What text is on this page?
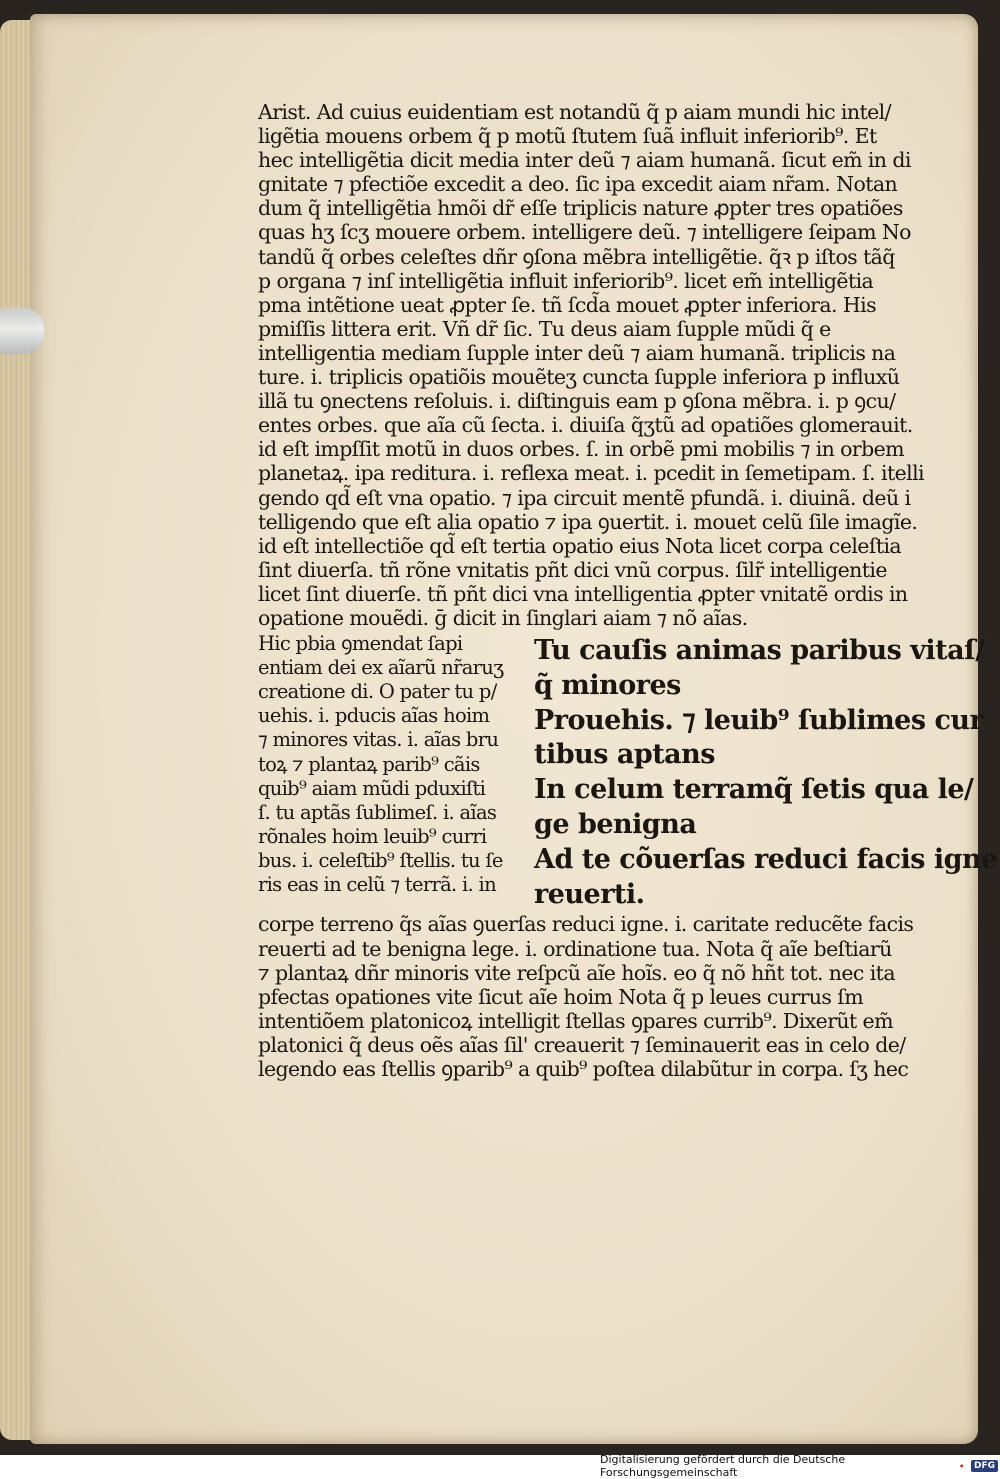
Arist. Ad cuius euidentiam est notandũ q̃ p aiam mundi hic intel/
ligẽtia mouens orbem q̃ p motũ ſtutem ſuã influit inferiorib⁹. Et
hec intelligẽtia dicit media inter deũ ⁊ aiam humanã. ſicut em̃ in di
gnitate ⁊ pfectiõe excedit a deo. ſic ipa excedit aiam nr̃am. Notan
dum q̃ intelligẽtia hmõi dr̃ eſſe triplicis nature ꝓpter tres opatiões
quas hʒ ſcʒ mouere orbem. intelligere deũ. ⁊ intelligere ſeipam No
tandũ q̃ orbes celeſtes dñr ꝯſona mẽbra intelligẽtie. q̃ꝛ p iſtos tãq̃
p organa ⁊ inſ intelligẽtia influit inferiorib⁹. licet em̃ intelligẽtia
pma intẽtione ueat ꝓpter ſe. tñ ſcd̃a mouet ꝓpter inferiora. His
pmiſſis littera erit. Vñ dr̃ ſic. Tu deus aiam ſupple mũdi q̃ e
intelligentia mediam ſupple inter deũ ⁊ aiam humanã. triplicis na
ture. i. triplicis opatiõis mouẽteʒ cuncta ſupple inferiora p influxũ
illã tu ꝯnectens reſoluis. i. diſtinguis eam p ꝯſona mẽbra. i. p ꝯcu/
entes orbes. que aĩa cũ ſecta. i. diuiſa q̃ʒtũ ad opatiões glomerauit.
id eſt impſſit motũ in duos orbes. ſ. in orbẽ pmi mobilis ⁊ in orbem
planetaꝝ. ipa reditura. i. reflexa meat. i. pcedit in ſemetipam. ſ. itelli
gendo qd̃ eſt vna opatio. ⁊ ipa circuit mentẽ pfundã. i. diuinã. deũ i
telligendo que eſt alia opatio ⁊ ipa ꝯuertit. i. mouet celũ ſile imagĩe.
id eſt intellectiõe qd̃ eſt tertia opatio eius Nota licet corpa celeſtia
ſint diuerſa. tñ rõne vnitatis pñt dici vnũ corpus. ſilr̃ intelligentie
licet ſint diuerſe. tñ pñt dici vna intelligentia ꝓpter vnitatẽ ordis in
opatione mouẽdi. ḡ dicit in ſinglari aiam ⁊ nõ aĩas.
Hic pbia ꝯmendat ſapi
entiam dei ex aĩarũ nr̃aruʒ
creatione di. O pater tu p/
uehis. i. pducis aĩas hoim
⁊ minores vitas. i. aĩas bru
toꝝ ⁊ plantaꝝ parib⁹ cãis
quib⁹ aiam mũdi pduxiſti
ſ. tu aptãs ſublimeſ. i. aĩas
rõnales hoim leuib⁹ curri
bus. i. celeſtib⁹ ſtellis. tu ſe
ris eas in celũ ⁊ terrã. i. in
Tu cauſis animas paribus vitaſ/
q̃ minores
Prouehis. ⁊ leuib⁹ ſublimes cur
tibus aptans
In celum terramq̃ ſetis qua le/
ge benigna
Ad te cõuerſas reduci facis igne
reuerti.
corpe terreno q̃s aĩas ꝯuerſas reduci igne. i. caritate reducẽte facis
reuerti ad te benigna lege. i. ordinatione tua. Nota q̃ aĩe beſtiarũ
⁊ plantaꝝ dñr minoris vite reſpcũ aĩe hoĩs. eo q̃ nõ hñt tot. nec ita
pfectas opationes vite ſicut aĩe hoim Nota q̃ p leues currus ſm
intentiõem platonicoꝝ intelligit ſtellas ꝯpares currib⁹. Dixerũt em̃
platonici q̃ deus oẽs aĩas ſil' creauerit ⁊ ſeminauerit eas in celo de/
legendo eas ſtellis ꝯparib⁹ a quib⁹ poſtea dilabũtur in corpa. ſʒ hec
Digitalisierung gefördert durch die Deutsche Forschungsgemeinschaft	•	DFG
